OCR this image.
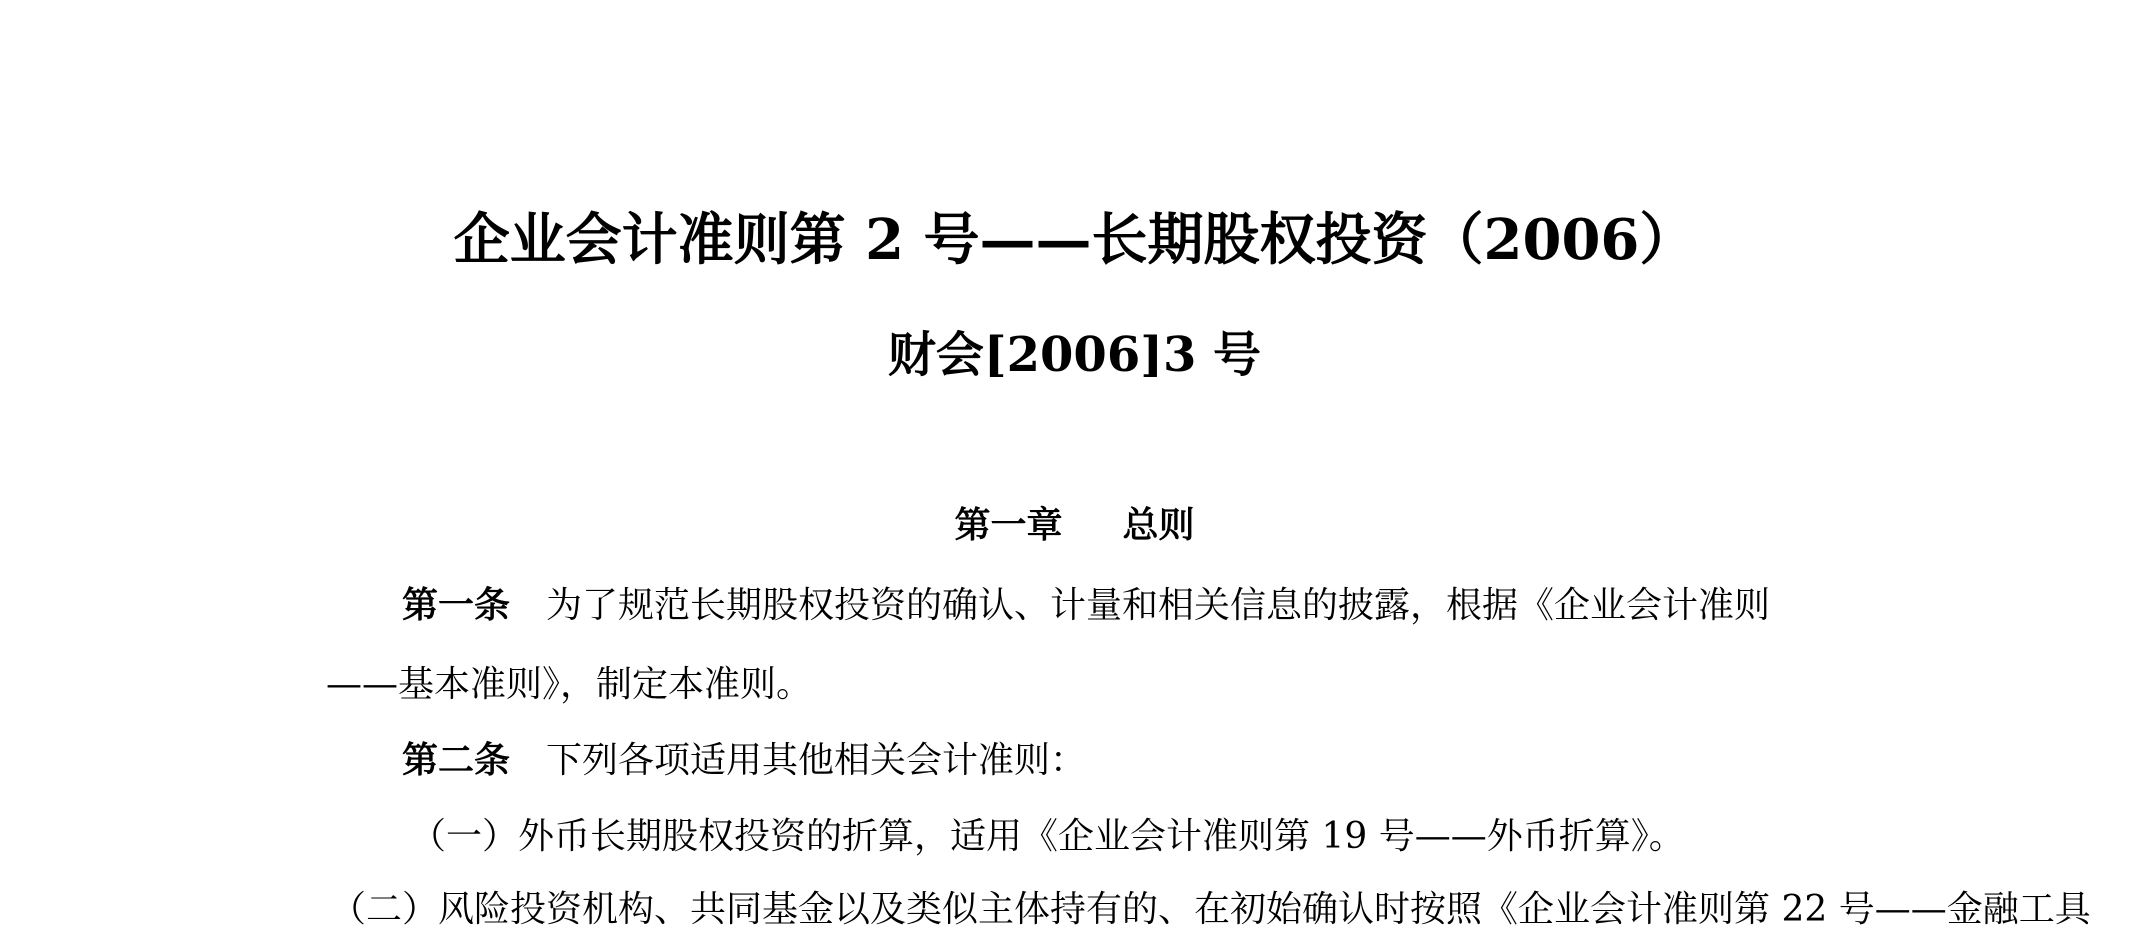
企业会计准则第 2 号——长期股权投资（2006）
财会[2006]3 号
第一章 总则
第一条 为了规范长期股权投资的确认、计量和相关信息的披露，根据《企业会计准则
——基本准则》，制定本准则。
第二条 下列各项适用其他相关会计准则：
（一）外币长期股权投资的折算，适用《企业会计准则第 19 号——外币折算》。
（二）风险投资机构、共同基金以及类似主体持有的、在初始确认时按照《企业会计准则第 22 号——金融工具
